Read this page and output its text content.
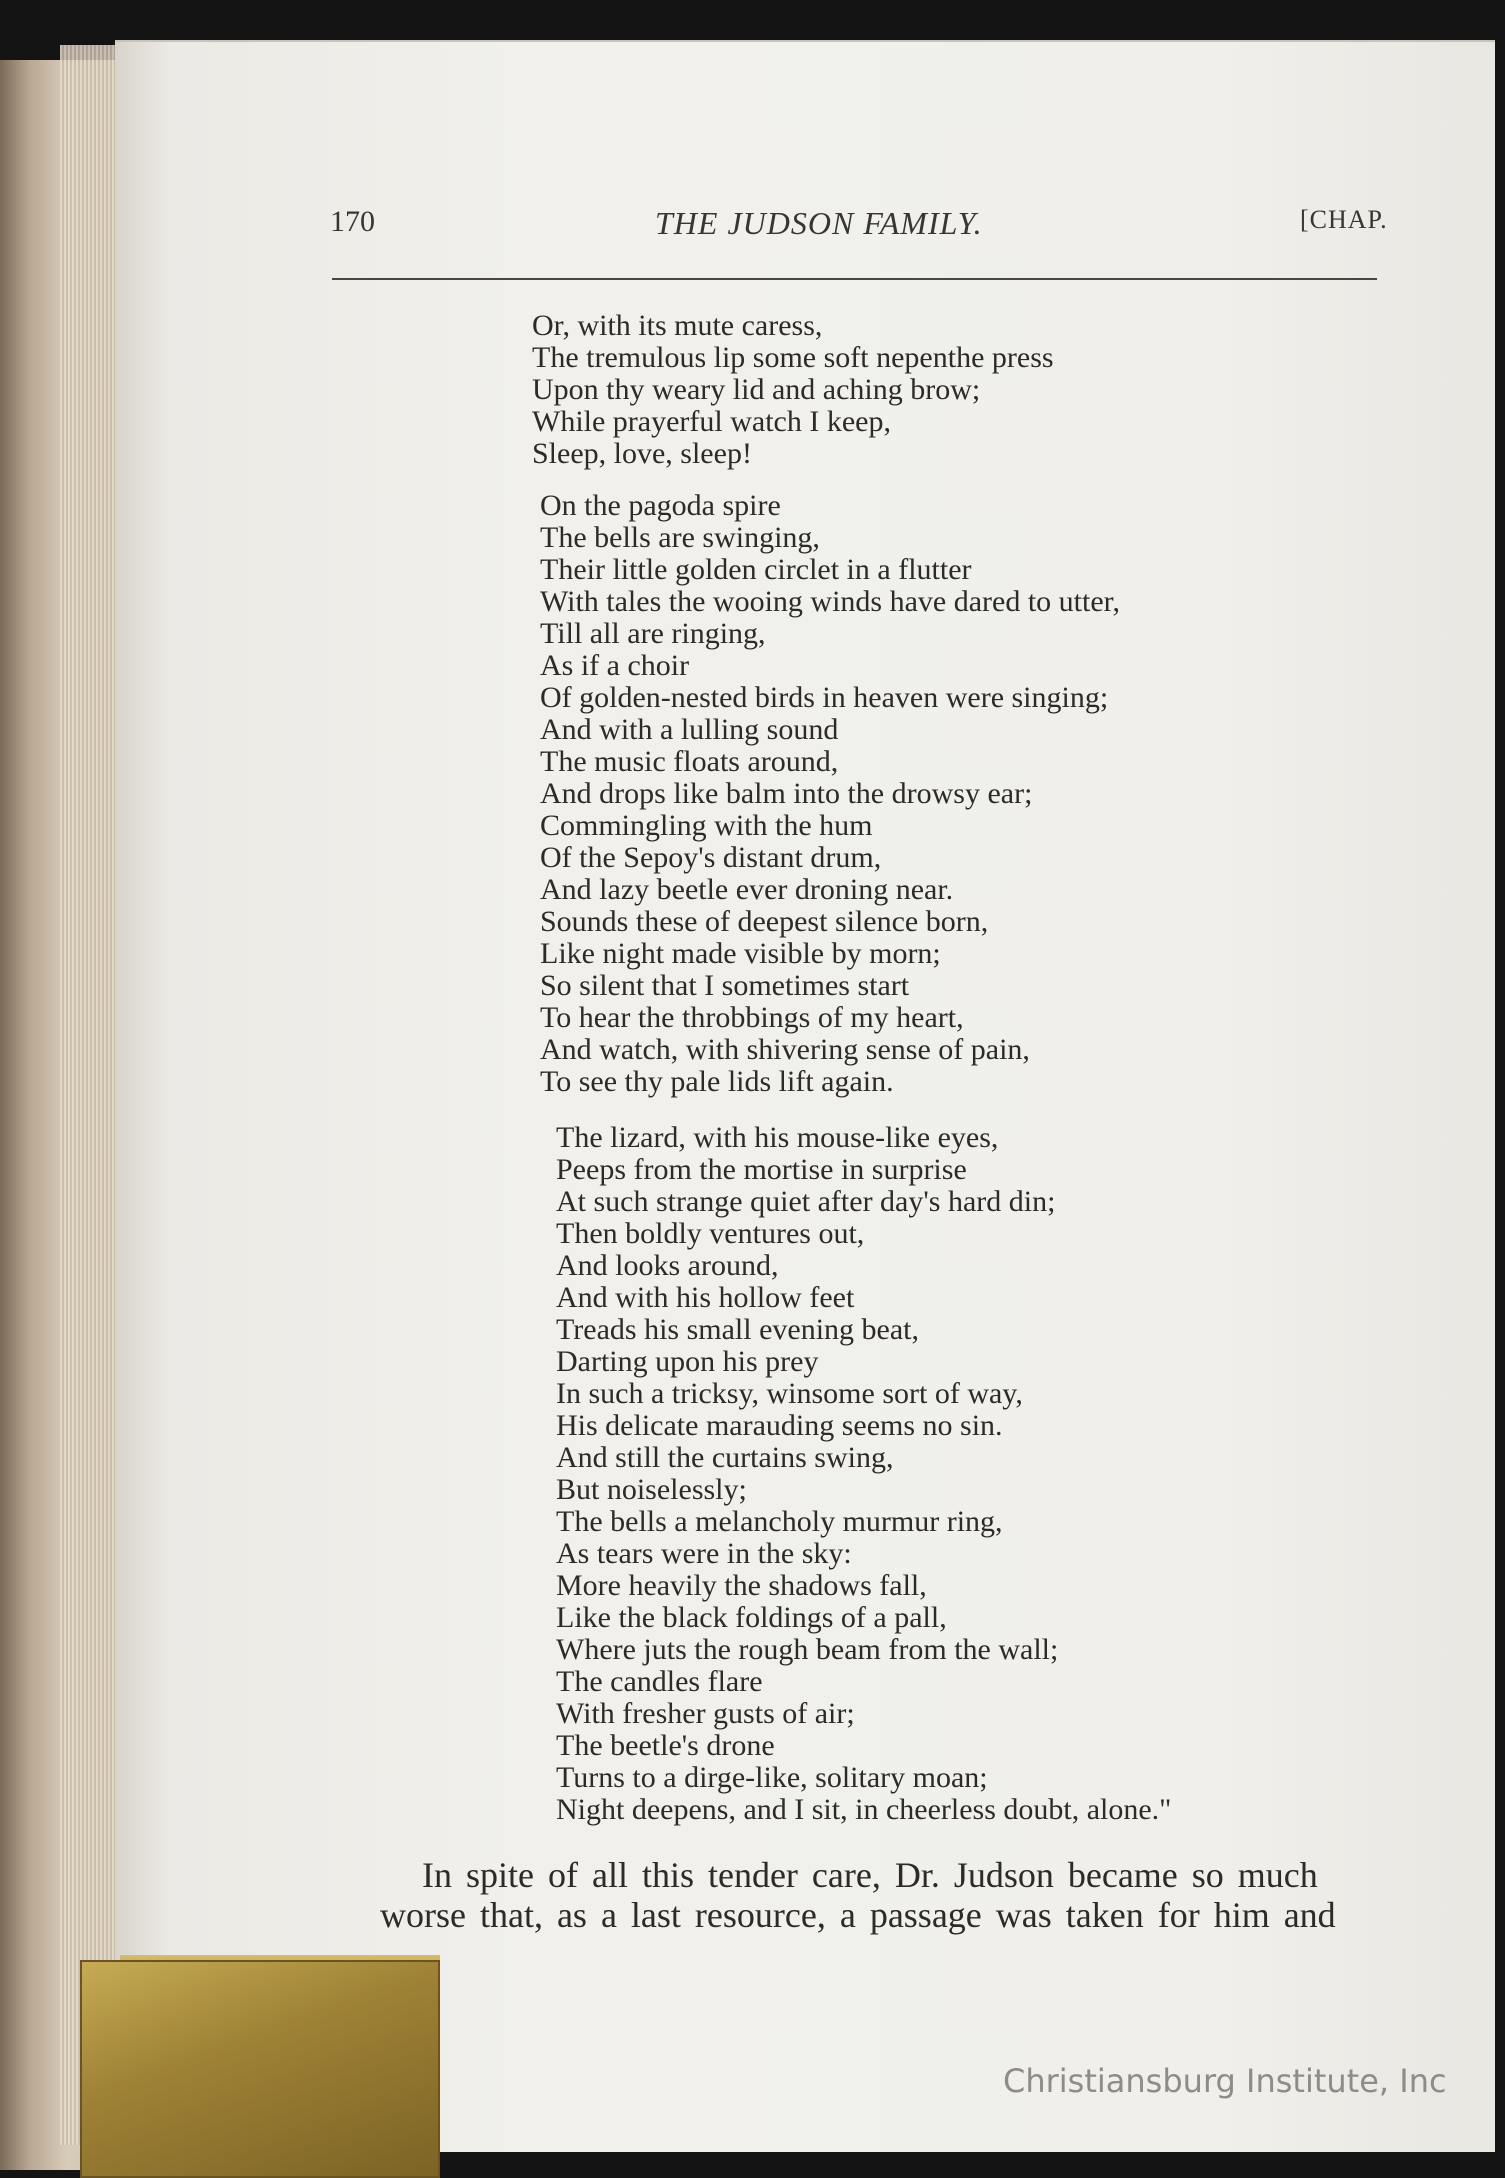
170	THE JUDSON FAMILY.	[CHAP.
Or, with its mute caress,
The tremulous lip some soft nepenthe press
Upon thy weary lid and aching brow;
While prayerful watch I keep,
Sleep, love, sleep!
On the pagoda spire
The bells are swinging,
Their little golden circlet in a flutter
With tales the wooing winds have dared to utter,
Till all are ringing,
As if a choir
Of golden-nested birds in heaven were singing;
And with a lulling sound
The music floats around,
And drops like balm into the drowsy ear;
Commingling with the hum
Of the Sepoy's distant drum,
And lazy beetle ever droning near.
Sounds these of deepest silence born,
Like night made visible by morn;
So silent that I sometimes start
To hear the throbbings of my heart,
And watch, with shivering sense of pain,
To see thy pale lids lift again.
The lizard, with his mouse-like eyes,
Peeps from the mortise in surprise
At such strange quiet after day's hard din;
Then boldly ventures out,
And looks around,
And with his hollow feet
Treads his small evening beat,
Darting upon his prey
In such a tricksy, winsome sort of way,
His delicate marauding seems no sin.
And still the curtains swing,
But noiselessly;
The bells a melancholy murmur ring,
As tears were in the sky:
More heavily the shadows fall,
Like the black foldings of a pall,
Where juts the rough beam from the wall;
The candles flare
With fresher gusts of air;
The beetle's drone
Turns to a dirge-like, solitary moan;
Night deepens, and I sit, in cheerless doubt, alone."
In spite of all this tender care, Dr. Judson became so much
worse that, as a last resource, a passage was taken for him and
Christiansburg Institute, Inc
